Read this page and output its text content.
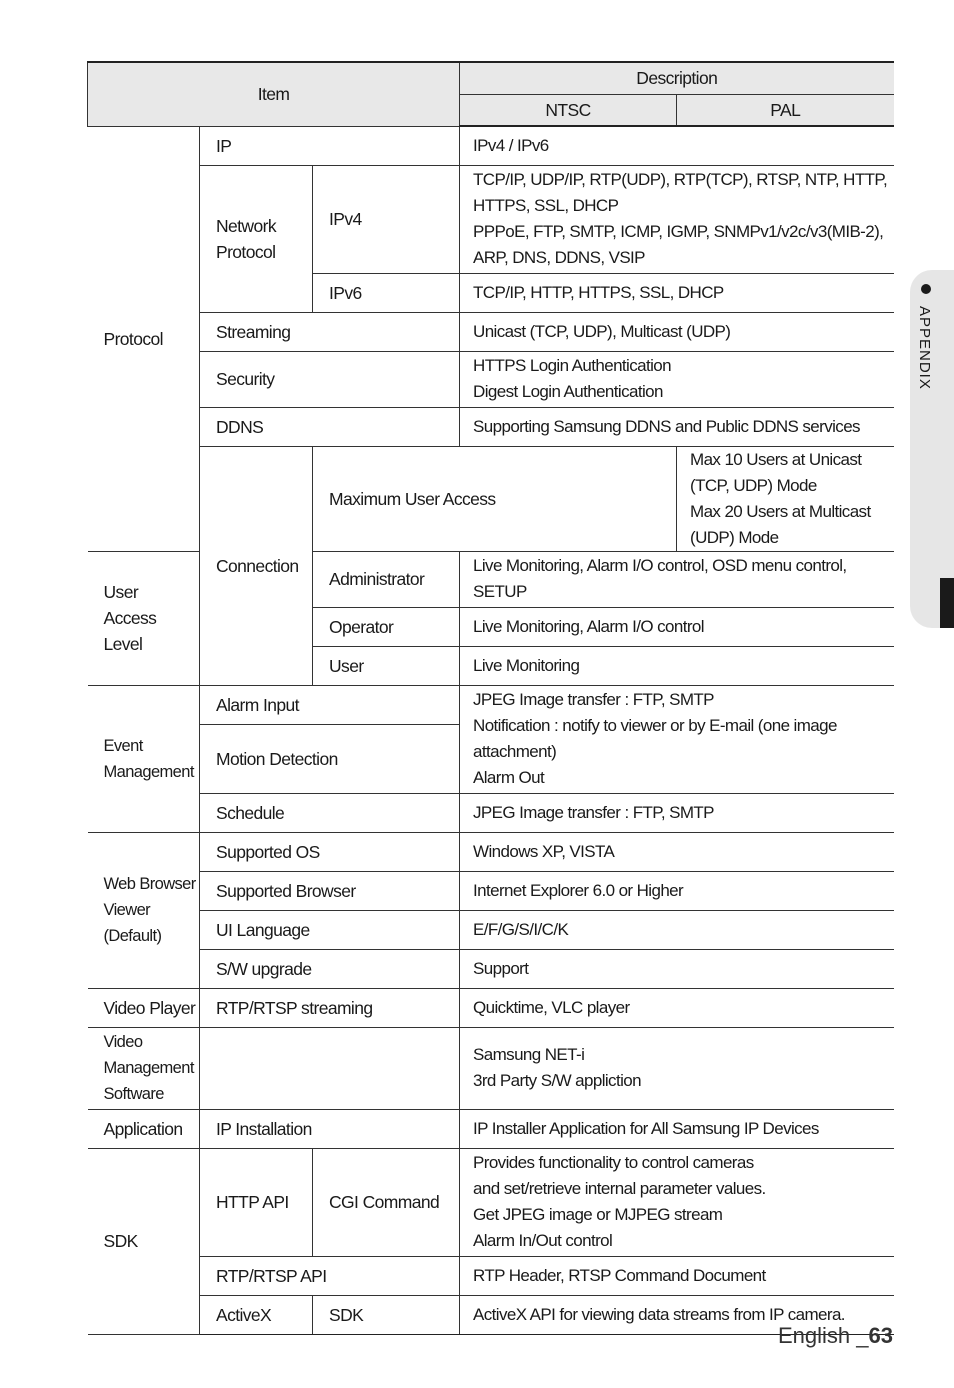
Item			Description	
			NTSC	PAL
Protocol	IP		IPv4 / IPv6	
	Network Protocol	IPv4	TCP/IP, UDP/IP, RTP(UDP), RTP(TCP), RTSP, NTP, HTTP,
HTTPS, SSL, DHCP
PPPoE, FTP, SMTP, ICMP, IGMP, SNMPv1/v2c/v3(MIB-2),
ARP, DNS, DDNS, VSIP	

		IPv6	TCP/IP, HTTP, HTTPS, SSL, DHCP	
	Streaming		Unicast (TCP, UDP), Multicast (UDP)	
	Security		HTTPS Login Authentication
Digest Login Authentication	

	DDNS		Supporting Samsung DDNS and Public DDNS services	
	Connection	Maximum User Access		Max 10 Users at Unicast (TCP, UDP) Mode
Max 20 Users at Multicast (UDP) Mode

User Access Level		Administrator	Live Monitoring, Alarm I/O control, OSD menu control,
SETUP	

		Operator	Live Monitoring, Alarm I/O control	
		User	Live Monitoring	

Event
Management	Alarm Input		JPEG Image transfer : FTP, SMTP
Notification : notify to viewer or by E-mail (one image
attachment)
Alarm Out	

	Motion Detection			
	Schedule		JPEG Image transfer : FTP, SMTP	

Web Browser
Viewer
(Default)	Supported OS		Windows XP, VISTA	
	Supported Browser		Internet Explorer 6.0 or Higher	
	UI Language		E/F/G/S/I/C/K	
	S/W upgrade		Support	
Video Player	RTP/RTSP streaming		Quicktime, VLC player	

Video
Management
Software			Samsung NET-i
3rd Party S/W appliction	

Application	IP Installation		IP Installer Application for All Samsung IP Devices	
SDK	HTTP API	CGI Command	Provides functionality to control cameras
and set/retrieve internal parameter values.
Get JPEG image or MJPEG stream
Alarm In/Out control	

	RTP/RTSP API		RTP Header, RTSP Command Document	
	ActiveX	SDK	ActiveX API for viewing data streams from IP camera.	
APPENDIX
English _63
